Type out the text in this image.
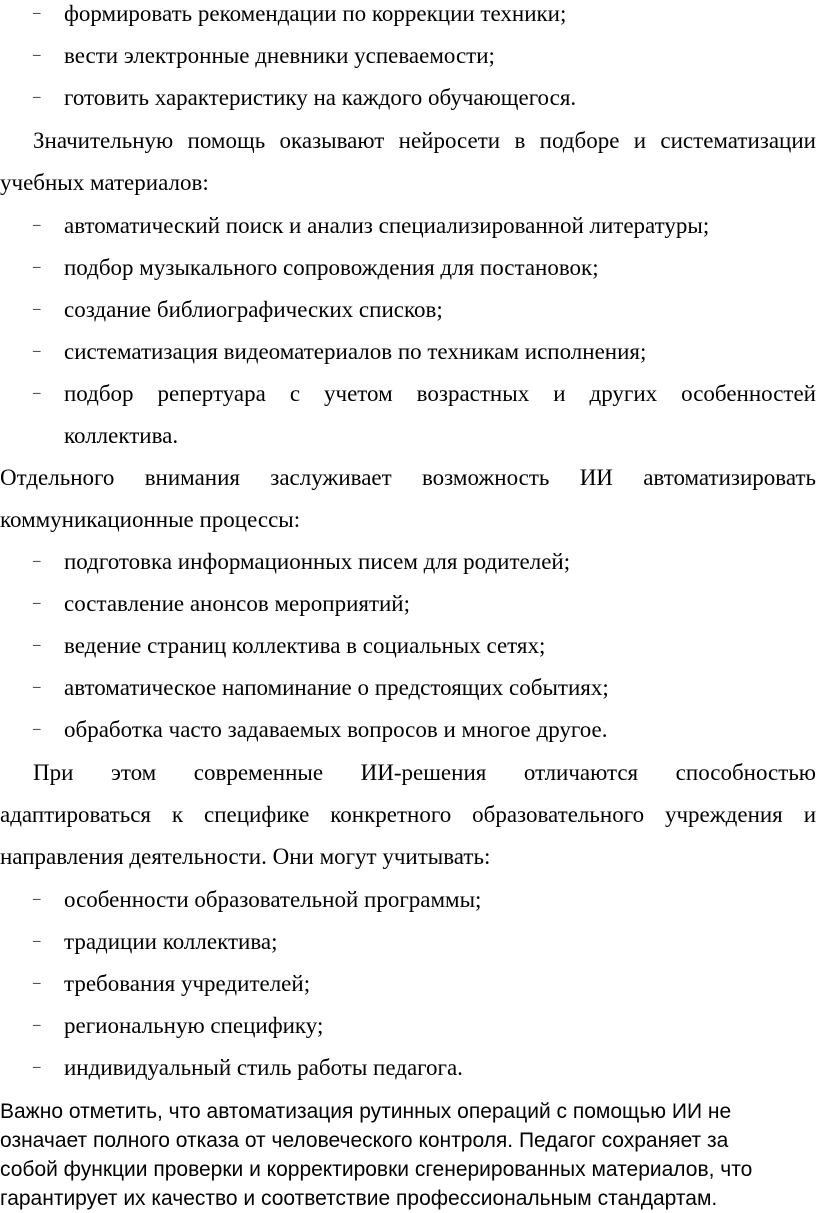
–	формировать рекомендации по коррекции техники;
–	вести электронные дневники успеваемости;
–	готовить характеристику на каждого обучающегося.
Значительную помощь оказывают нейросети в подборе и систематизации
учебных материалов:
–	автоматический поиск и анализ специализированной литературы;
–	подбор музыкального сопровождения для постановок;
–	создание библиографических списков;
–	систематизация видеоматериалов по техникам исполнения;
–	подбор репертуара с учетом возрастных и других особенностей
коллектива.
Отдельного внимания заслуживает возможность ИИ автоматизировать
коммуникационные процессы:
–	подготовка информационных писем для родителей;
–	составление анонсов мероприятий;
–	ведение страниц коллектива в социальных сетях;
–	автоматическое напоминание о предстоящих событиях;
–	обработка часто задаваемых вопросов и многое другое.
При этом современные ИИ-решения отличаются способностью
адаптироваться к специфике конкретного образовательного учреждения и
направления деятельности. Они могут учитывать:
–	особенности образовательной программы;
–	традиции коллектива;
–	требования учредителей;
–	региональную специфику;
–	индивидуальный стиль работы педагога.
Важно отметить, что автоматизация рутинных операций с помощью ИИ не
означает полного отказа от человеческого контроля. Педагог сохраняет за
собой функции проверки и корректировки сгенерированных материалов, что
гарантирует их качество и соответствие профессиональным стандартам.
